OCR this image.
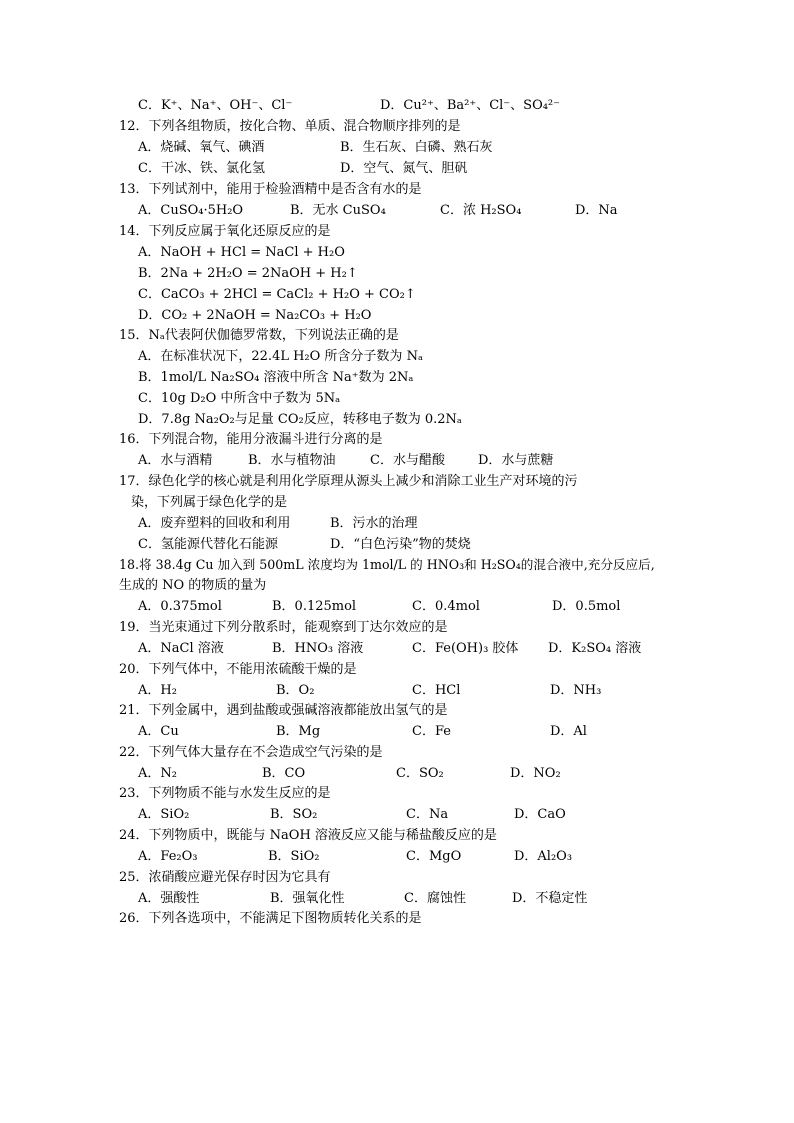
C．K⁺、Na⁺、OH⁻、Cl⁻	D．Cu²⁺、Ba²⁺、Cl⁻、SO₄²⁻
12．下列各组物质，按化合物、单质、混合物顺序排列的是
A．烧碱、氧气、碘酒	B．生石灰、白磷、熟石灰
C．干冰、铁、氯化氢	D．空气、氮气、胆矾
13．下列试剂中，能用于检验酒精中是否含有水的是
A．CuSO₄·5H₂O	B．无水 CuSO₄	C．浓 H₂SO₄	D．Na
14．下列反应属于氧化还原反应的是
A．NaOH + HCl = NaCl + H₂O
B．2Na + 2H₂O = 2NaOH + H₂↑
C．CaCO₃ + 2HCl = CaCl₂ + H₂O + CO₂↑
D．CO₂ + 2NaOH = Na₂CO₃ + H₂O
15．Nₐ代表阿伏伽德罗常数，下列说法正确的是
A．在标准状况下，22.4L H₂O 所含分子数为 Nₐ
B．1mol/L Na₂SO₄ 溶液中所含 Na⁺数为 2Nₐ
C．10g D₂O 中所含中子数为 5Nₐ
D．7.8g Na₂O₂与足量 CO₂反应，转移电子数为 0.2Nₐ
16．下列混合物，能用分液漏斗进行分离的是
A．水与酒精	B．水与植物油	C．水与醋酸	D．水与蔗糖
17．绿色化学的核心就是利用化学原理从源头上减少和消除工业生产对环境的污
染，下列属于绿色化学的是
A．废弃塑料的回收和利用	B．污水的治理
C．氢能源代替化石能源	D．“白色污染”物的焚烧
18.将 38.4g Cu 加入到 500mL 浓度均为 1mol/L 的 HNO₃和 H₂SO₄的混合液中,充分反应后,
生成的 NO 的物质的量为
A．0.375mol	B．0.125mol	C．0.4mol	D．0.5mol
19．当光束通过下列分散系时，能观察到丁达尔效应的是
A．NaCl 溶液	B．HNO₃ 溶液	C．Fe(OH)₃ 胶体 D．K₂SO₄ 溶液
20．下列气体中，不能用浓硫酸干燥的是
A．H₂	B．O₂	C．HCl	D．NH₃
21．下列金属中，遇到盐酸或强碱溶液都能放出氢气的是
A．Cu	B．Mg	C．Fe	D．Al
22．下列气体大量存在不会造成空气污染的是
A．N₂	B．CO	C．SO₂	D．NO₂
23．下列物质不能与水发生反应的是
A．SiO₂	B．SO₂	C．Na	D．CaO
24．下列物质中，既能与 NaOH 溶液反应又能与稀盐酸反应的是
A．Fe₂O₃	B．SiO₂	C．MgO	D．Al₂O₃
25．浓硝酸应避光保存时因为它具有
A．强酸性	B．强氧化性	C．腐蚀性	D．不稳定性
26．下列各选项中，不能满足下图物质转化关系的是
